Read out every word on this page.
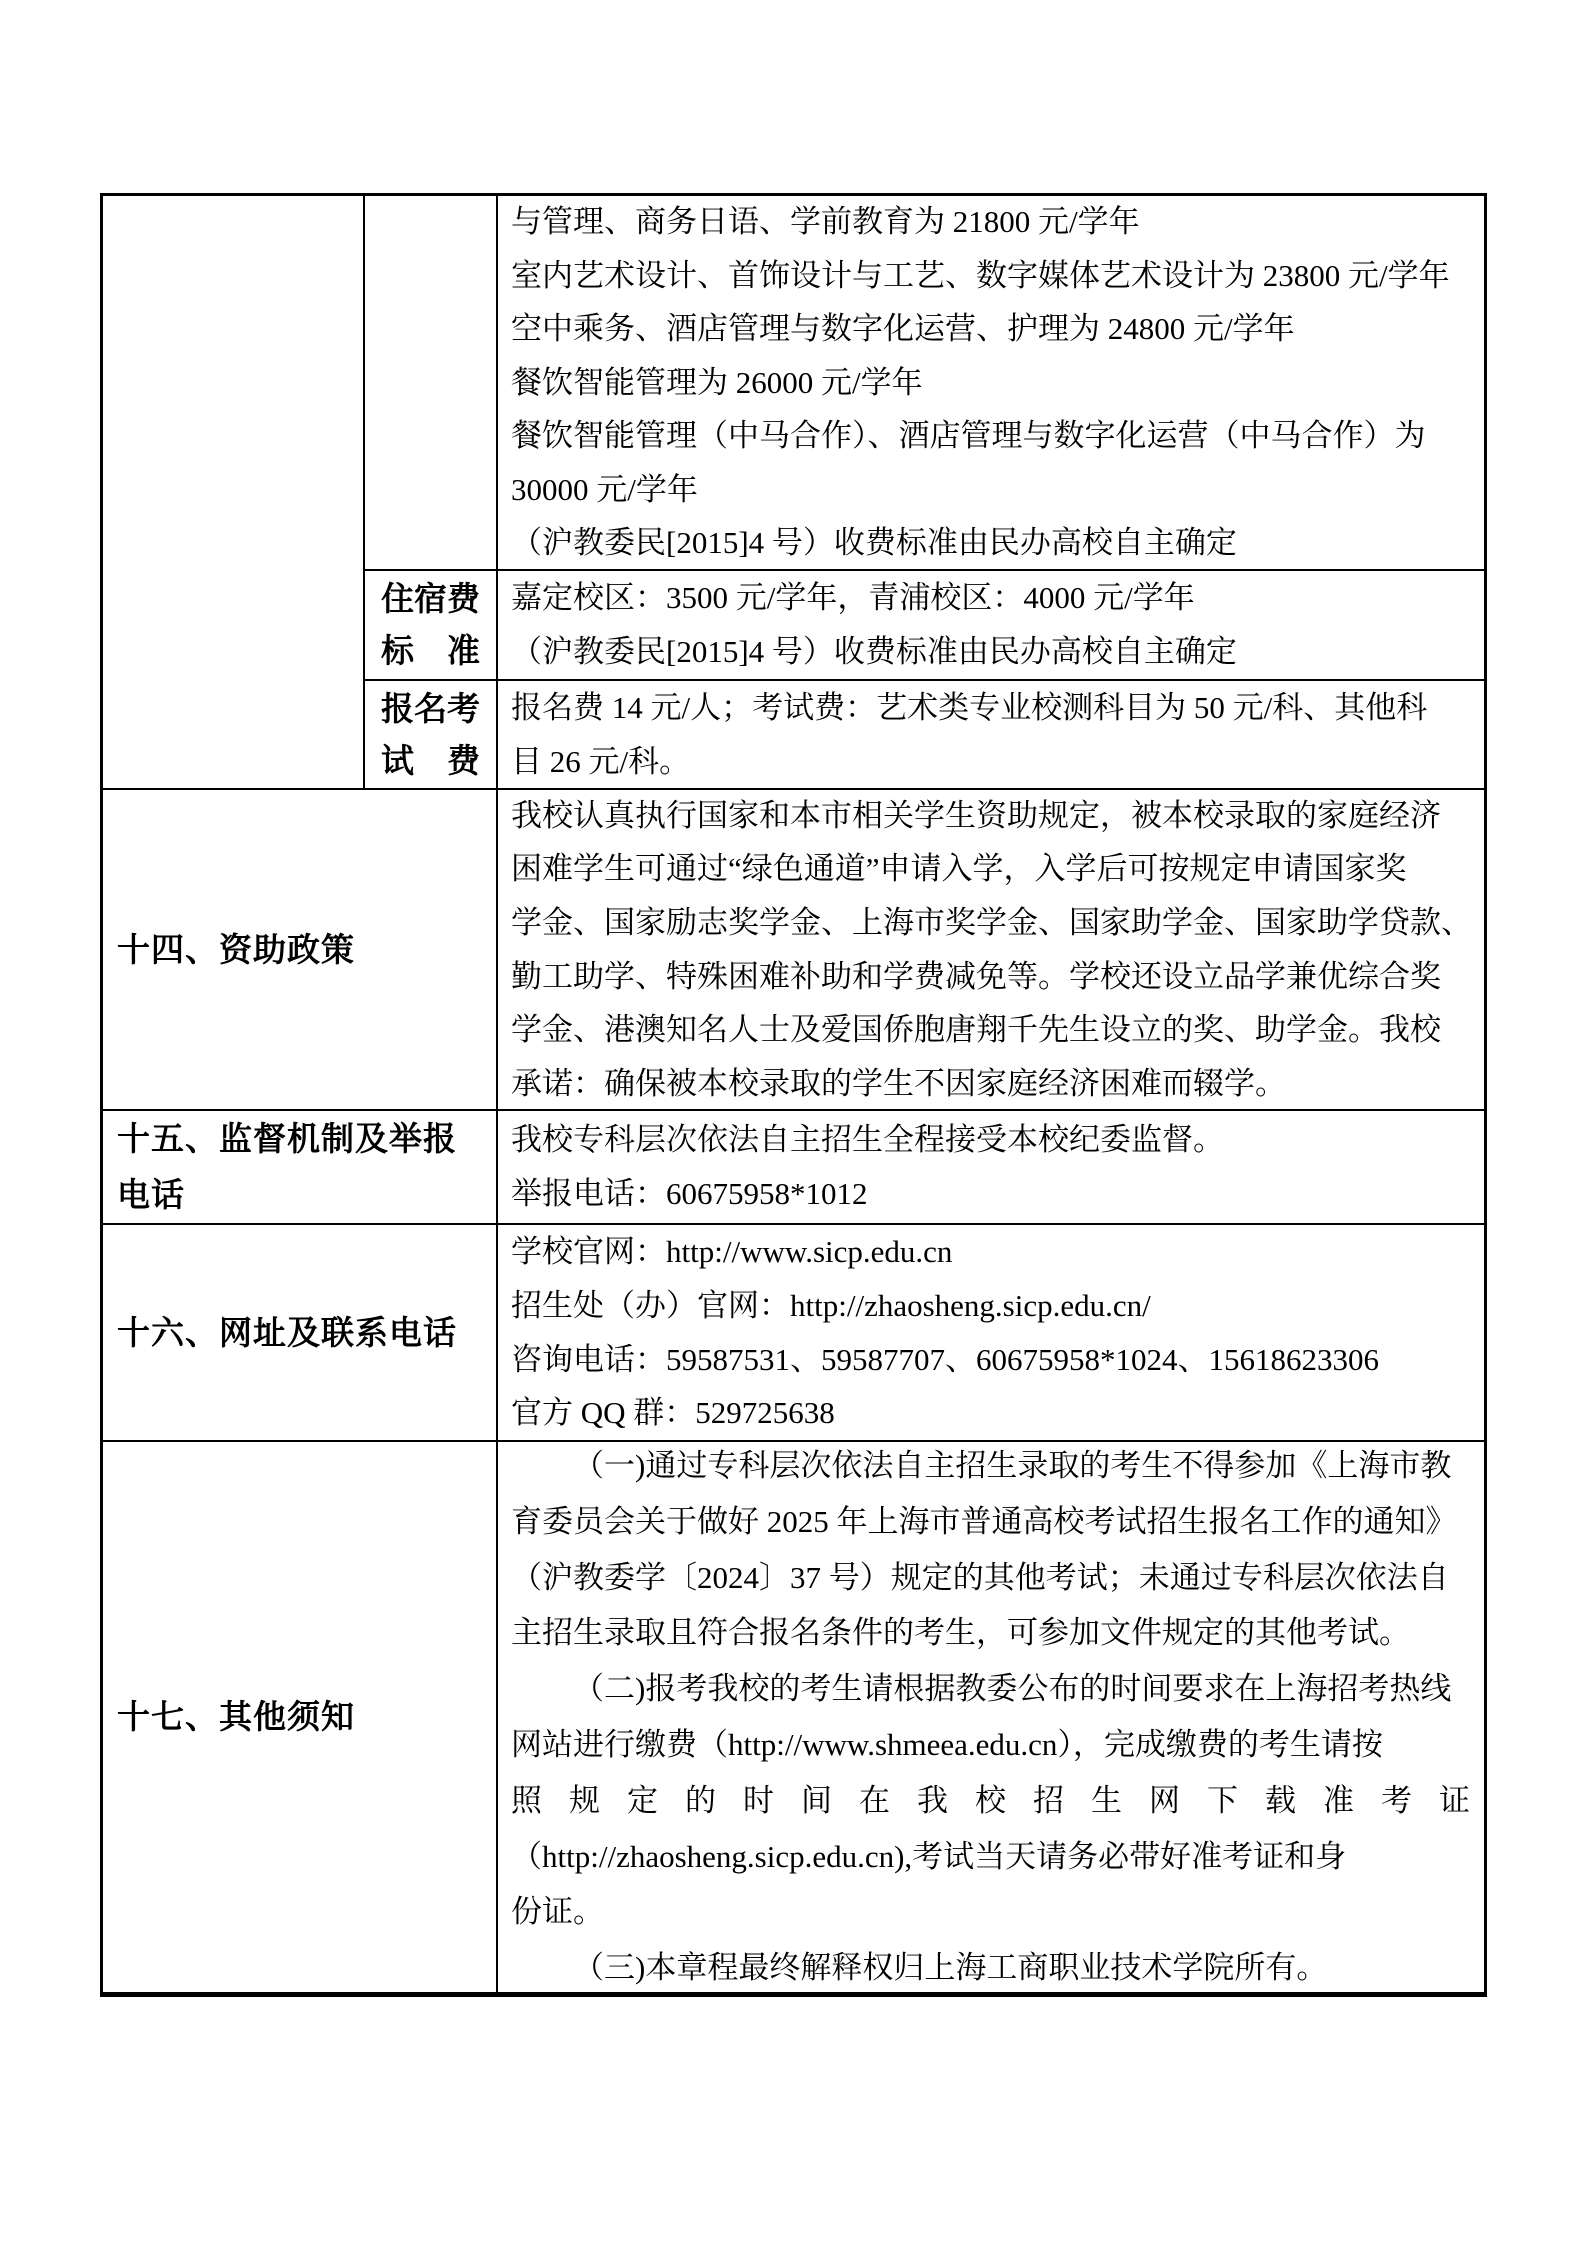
与管理、商务日语、学前教育为 21800 元/学年
室内艺术设计、首饰设计与工艺、数字媒体艺术设计为 23800 元/学年
空中乘务、酒店管理与数字化运营、护理为 24800 元/学年
餐饮智能管理为 26000 元/学年
餐饮智能管理（中马合作）、酒店管理与数字化运营（中马合作）为
30000 元/学年
（沪教委民[2015]4 号）收费标准由民办高校自主确定
住宿费
标　准
嘉定校区：3500 元/学年，青浦校区：4000 元/学年
（沪教委民[2015]4 号）收费标准由民办高校自主确定
报名考
试　费
报名费 14 元/人；考试费：艺术类专业校测科目为 50 元/科、其他科
目 26 元/科。
十四、资助政策
我校认真执行国家和本市相关学生资助规定，被本校录取的家庭经济
困难学生可通过“绿色通道”申请入学，入学后可按规定申请国家奖
学金、国家励志奖学金、上海市奖学金、国家助学金、国家助学贷款、
勤工助学、特殊困难补助和学费减免等。学校还设立品学兼优综合奖
学金、港澳知名人士及爱国侨胞唐翔千先生设立的奖、助学金。我校
承诺：确保被本校录取的学生不因家庭经济困难而辍学。
十五、监督机制及举报电话
我校专科层次依法自主招生全程接受本校纪委监督。
举报电话：60675958*1012
十六、网址及联系电话
学校官网：http://www.sicp.edu.cn
招生处（办）官网：http://zhaosheng.sicp.edu.cn/
咨询电话：59587531、59587707、60675958*1024、15618623306
官方 QQ 群：529725638
十七、其他须知
（一)通过专科层次依法自主招生录取的考生不得参加《上海市教
育委员会关于做好 2025 年上海市普通高校考试招生报名工作的通知》
（沪教委学〔2024〕37 号）规定的其他考试；未通过专科层次依法自
主招生录取且符合报名条件的考生，可参加文件规定的其他考试。
（二)报考我校的考生请根据教委公布的时间要求在上海招考热线
网站进行缴费（http://www.shmeea.edu.cn），完成缴费的考生请按
照规定的时间在我校招生网下载准考证
（http://zhaosheng.sicp.edu.cn),考试当天请务必带好准考证和身
份证。
（三)本章程最终解释权归上海工商职业技术学院所有。
